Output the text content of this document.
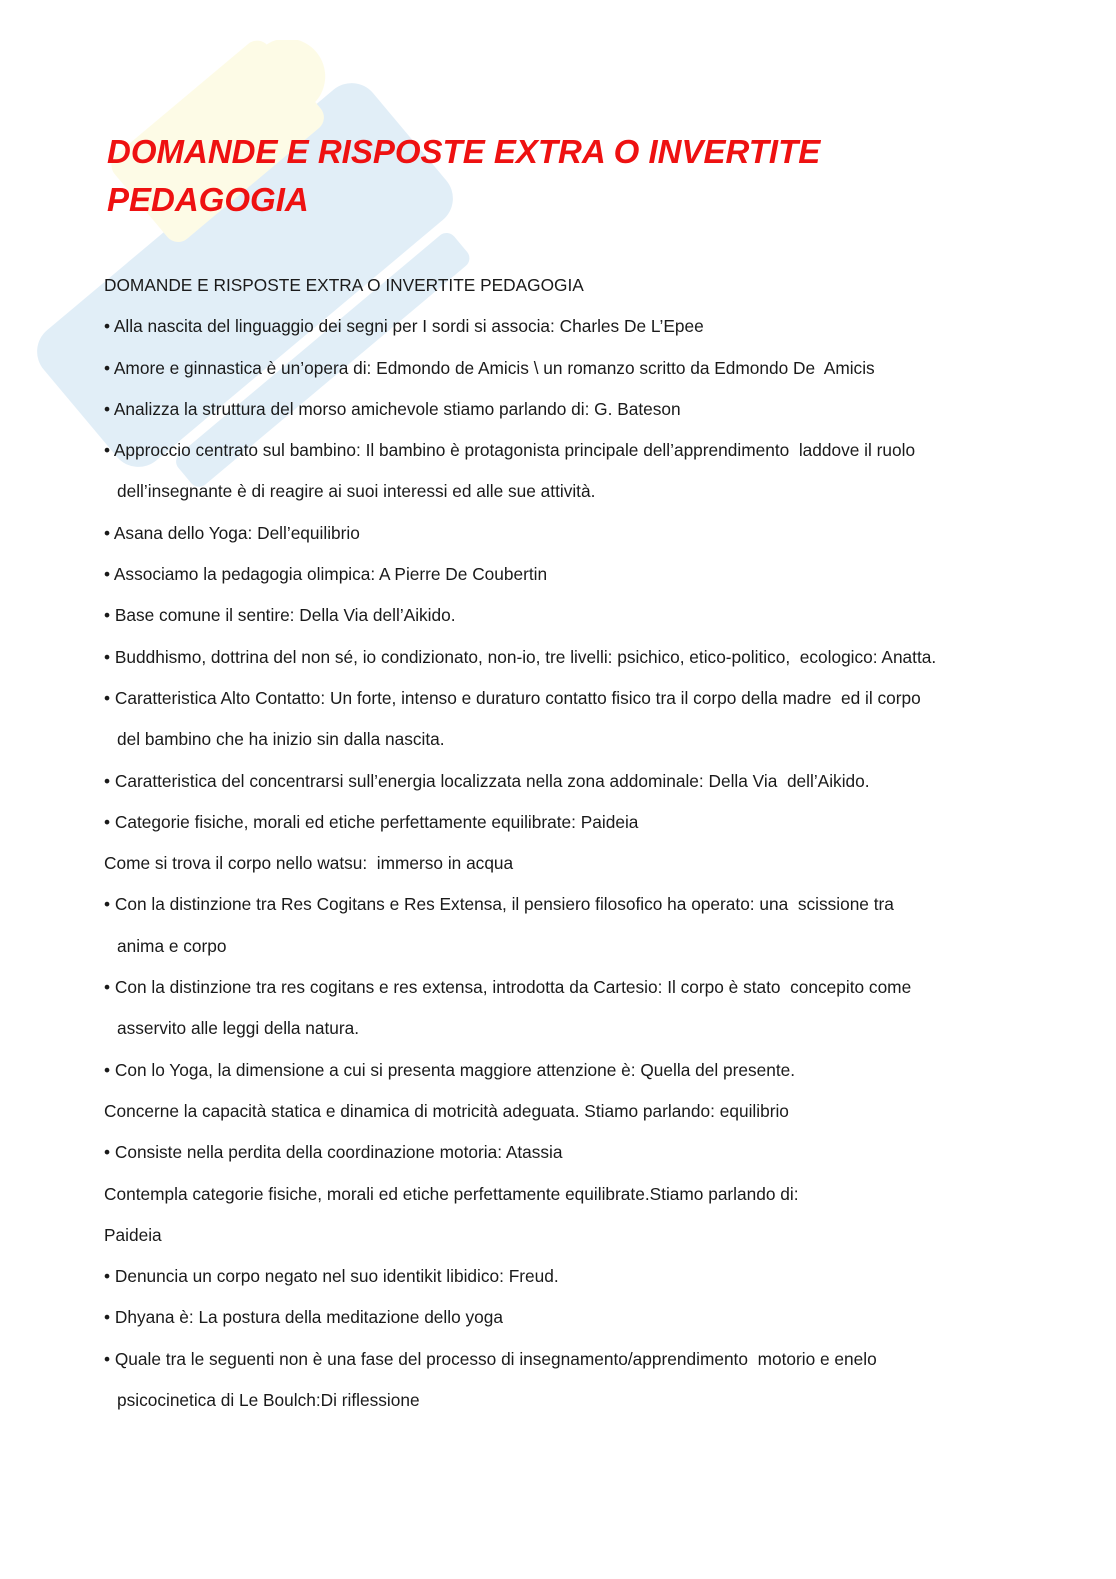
DOMANDE E RISPOSTE EXTRA O INVERTITE
PEDAGOGIA
DOMANDE E RISPOSTE EXTRA O INVERTITE PEDAGOGIA
• Alla nascita del linguaggio dei segni per I sordi si associa: Charles De L’Epee
• Amore e ginnastica è un’opera di: Edmondo de Amicis \ un romanzo scritto da Edmondo De  Amicis
• Analizza la struttura del morso amichevole stiamo parlando di: G. Bateson
• Approccio centrato sul bambino: Il bambino è protagonista principale dell’apprendimento  laddove il ruolo
dell’insegnante è di reagire ai suoi interessi ed alle sue attività.
• Asana dello Yoga: Dell’equilibrio
• Associamo la pedagogia olimpica: A Pierre De Coubertin
• Base comune il sentire: Della Via dell’Aikido.
• Buddhismo, dottrina del non sé, io condizionato, non-io, tre livelli: psichico, etico-politico,  ecologico: Anatta.
• Caratteristica Alto Contatto: Un forte, intenso e duraturo contatto fisico tra il corpo della madre  ed il corpo
del bambino che ha inizio sin dalla nascita.
• Caratteristica del concentrarsi sull’energia localizzata nella zona addominale: Della Via  dell’Aikido.
• Categorie fisiche, morali ed etiche perfettamente equilibrate: Paideia
Come si trova il corpo nello watsu:  immerso in acqua
• Con la distinzione tra Res Cogitans e Res Extensa, il pensiero filosofico ha operato: una  scissione tra
anima e corpo
• Con la distinzione tra res cogitans e res extensa, introdotta da Cartesio: Il corpo è stato  concepito come
asservito alle leggi della natura.
• Con lo Yoga, la dimensione a cui si presenta maggiore attenzione è: Quella del presente.
Concerne la capacità statica e dinamica di motricità adeguata. Stiamo parlando: equilibrio
• Consiste nella perdita della coordinazione motoria: Atassia
Contempla categorie fisiche, morali ed etiche perfettamente equilibrate.Stiamo parlando di:
Paideia
• Denuncia un corpo negato nel suo identikit libidico: Freud.
• Dhyana è: La postura della meditazione dello yoga
• Quale tra le seguenti non è una fase del processo di insegnamento/apprendimento  motorio e enelo
psicocinetica di Le Boulch:Di riflessione
